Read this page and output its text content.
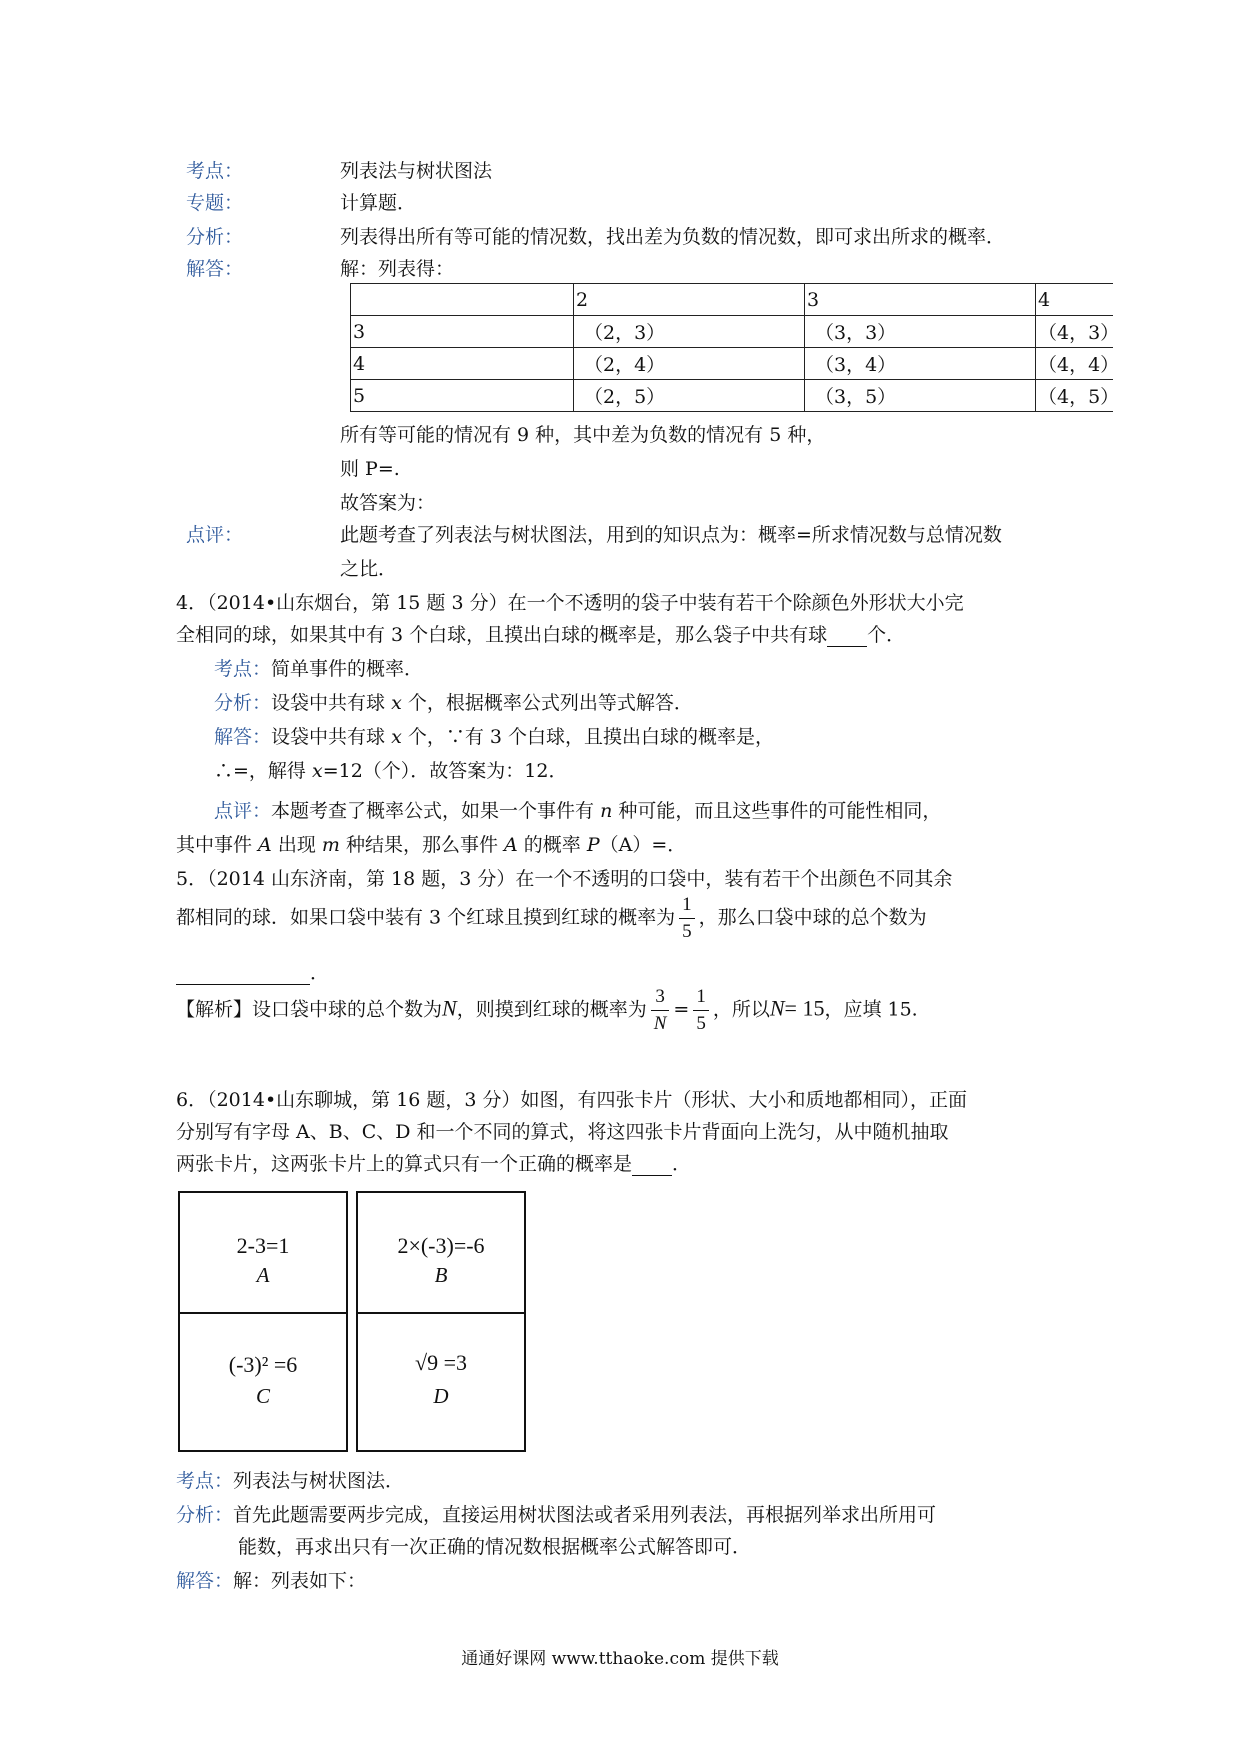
考点：	列表法与树状图法
专题：	计算题．
分析：	列表得出所有等可能的情况数，找出差为负数的情况数，即可求出所求的概率．
解答：	解：列表得：
	2	3	4
3	（2，3）	（3，3）	（4，3）
4	（2，4）	（3，4）	（4，4）
5	（2，5）	（3，5）	（4，5）
所有等可能的情况有 9 种，其中差为负数的情况有 5 种，
则 P=.
故答案为：
点评：	此题考查了列表法与树状图法，用到的知识点为：概率=所求情况数与总情况数
之比．
4．（2014•山东烟台，第 15 题 3 分）在一个不透明的袋子中装有若干个除颜色外形状大小完
全相同的球，如果其中有 3 个白球，且摸出白球的概率是，那么袋子中共有球 个．
考点：简单事件的概率．
分析：设袋中共有球 x 个，根据概率公式列出等式解答．
解答：设袋中共有球 x 个，∵有 3 个白球，且摸出白球的概率是，
∴=，解得 x=12（个）．故答案为：12．
点评：本题考查了概率公式，如果一个事件有 n 种可能，而且这些事件的可能性相同，
其中事件 A 出现 m 种结果，那么事件 A 的概率 P（A）=．
5．（2014 山东济南，第 18 题，3 分）在一个不透明的口袋中，装有若干个出颜色不同其余
都相同的球．如果口袋中装有 3 个红球且摸到红球的概率为 $\frac{1}{5}$ ，那么口袋中球的总个数为
．
【解析】设口袋中球的总个数为N，则摸到红球的概率为 $\frac{3}{N} = \frac{1}{5}$ ，所以N= 15，应填 15.
6．（2014•山东聊城，第 16 题，3 分）如图，有四张卡片（形状、大小和质地都相同），正面
分别写有字母 A、B、C、D 和一个不同的算式，将这四张卡片背面向上洗匀，从中随机抽取
两张卡片，这两张卡片上的算式只有一个正确的概率是 ．
2-3=1
A
2×(-3)=-6
B
(-3)² =6
C
√9 =3
D
考点：列表法与树状图法．
分析：首先此题需要两步完成，直接运用树状图法或者采用列表法，再根据列举求出所用可
能数，再求出只有一次正确的情况数根据概率公式解答即可．
解答：解：列表如下：
通通好课网 www.tthaoke.com 提供下载
